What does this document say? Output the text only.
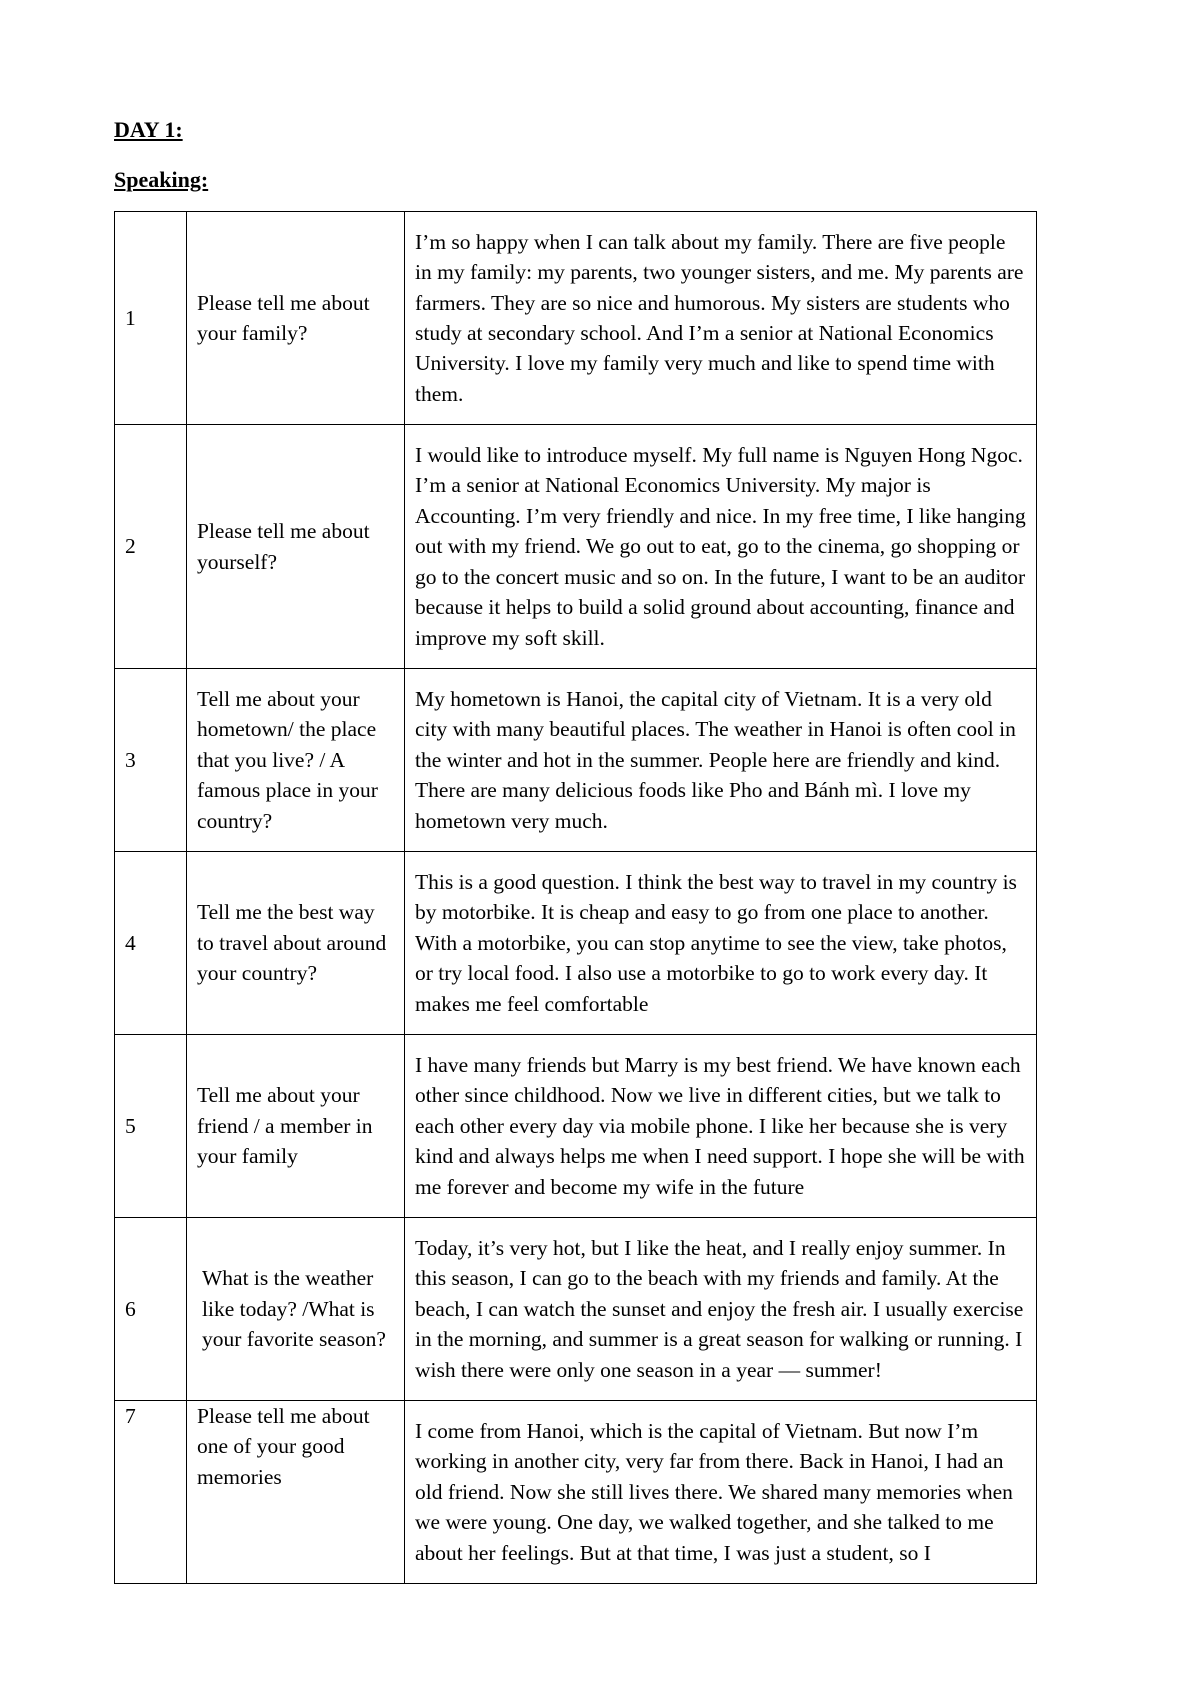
DAY 1:
Speaking:
1	Please tell me about your family?	I’m so happy when I can talk about my family. There are five people in my family: my parents, two younger sisters, and me. My parents are farmers. They are so nice and humorous. My sisters are students who study at secondary school. And I’m a senior at National Economics University. I love my family very much and like to spend time with them.

2	Please tell me about yourself?	I would like to introduce myself. My full name is Nguyen Hong Ngoc. I’m a senior at National Economics University. My major is Accounting. I’m very friendly and nice. In my free time, I like hanging out with my friend. We go out to eat, go to the cinema, go shopping or go to the concert music and so on. In the future, I want to be an auditor because it helps to build a solid ground about accounting, finance and improve my soft skill.

3	Tell me about your hometown/ the place that you live? / A famous place in your country?	My hometown is Hanoi, the capital city of Vietnam. It is a very old city with many beautiful places. The weather in Hanoi is often cool in the winter and hot in the summer. People here are friendly and kind. There are many delicious foods like Pho and Bánh mì. I love my hometown very much.

4	Tell me the best way to travel about around your country?	This is a good question. I think the best way to travel in my country is by motorbike. It is cheap and easy to go from one place to another. With a motorbike, you can stop anytime to see the view, take photos, or try local food. I also use a motorbike to go to work every day. It makes me feel comfortable

5	Tell me about your friend / a member in your family	I have many friends but Marry is my best friend. We have known each other since childhood. Now we live in different cities, but we talk to each other every day via mobile phone. I like her because she is very kind and always helps me when I need support. I hope she will be with me forever and become my wife in the future

6	What is the weather like today? /What is your favorite season?	Today, it’s very hot, but I like the heat, and I really enjoy summer. In this season, I can go to the beach with my friends and family. At the beach, I can watch the sunset and enjoy the fresh air. I usually exercise in the morning, and summer is a great season for walking or running. I wish there were only one season in a year — summer!

7	Please tell me about one of your good memories	I come from Hanoi, which is the capital of Vietnam. But now I’m working in another city, very far from there. Back in Hanoi, I had an old friend. Now she still lives there. We shared many memories when we were young. One day, we walked together, and she talked to me about her feelings. But at that time, I was just a student, so I
